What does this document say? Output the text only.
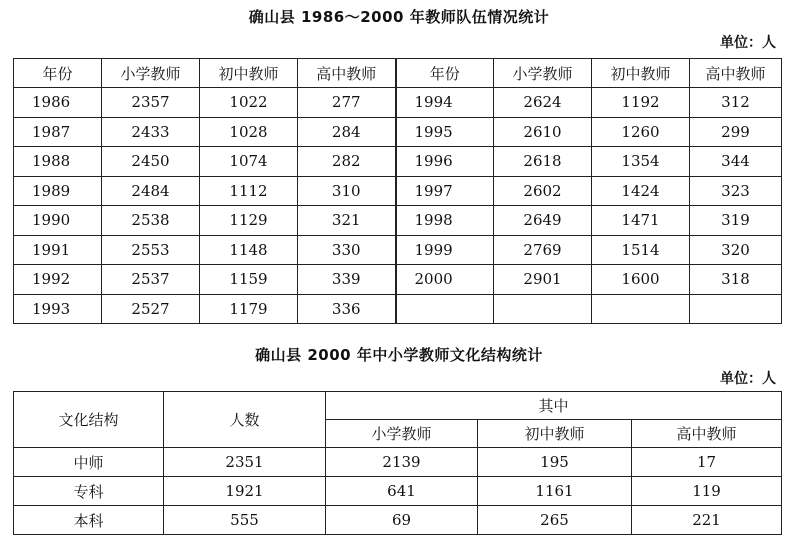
确山县 1986～2000 年教师队伍情况统计
单位：人
年份	小学教师	初中教师	高中教师	年份	小学教师	初中教师	高中教师
1986	2357	1022	277	1994	2624	1192	312
1987	2433	1028	284	1995	2610	1260	299
1988	2450	1074	282	1996	2618	1354	344
1989	2484	1112	310	1997	2602	1424	323
1990	2538	1129	321	1998	2649	1471	319
1991	2553	1148	330	1999	2769	1514	320
1992	2537	1159	339	2000	2901	1600	318
1993	2527	1179	336				
确山县 2000 年中小学教师文化结构统计
单位：人
文化结构	人数	其中		
		小学教师	初中教师	高中教师
中师	2351	2139	195	17
专科	1921	641	1161	119
本科	555	69	265	221
